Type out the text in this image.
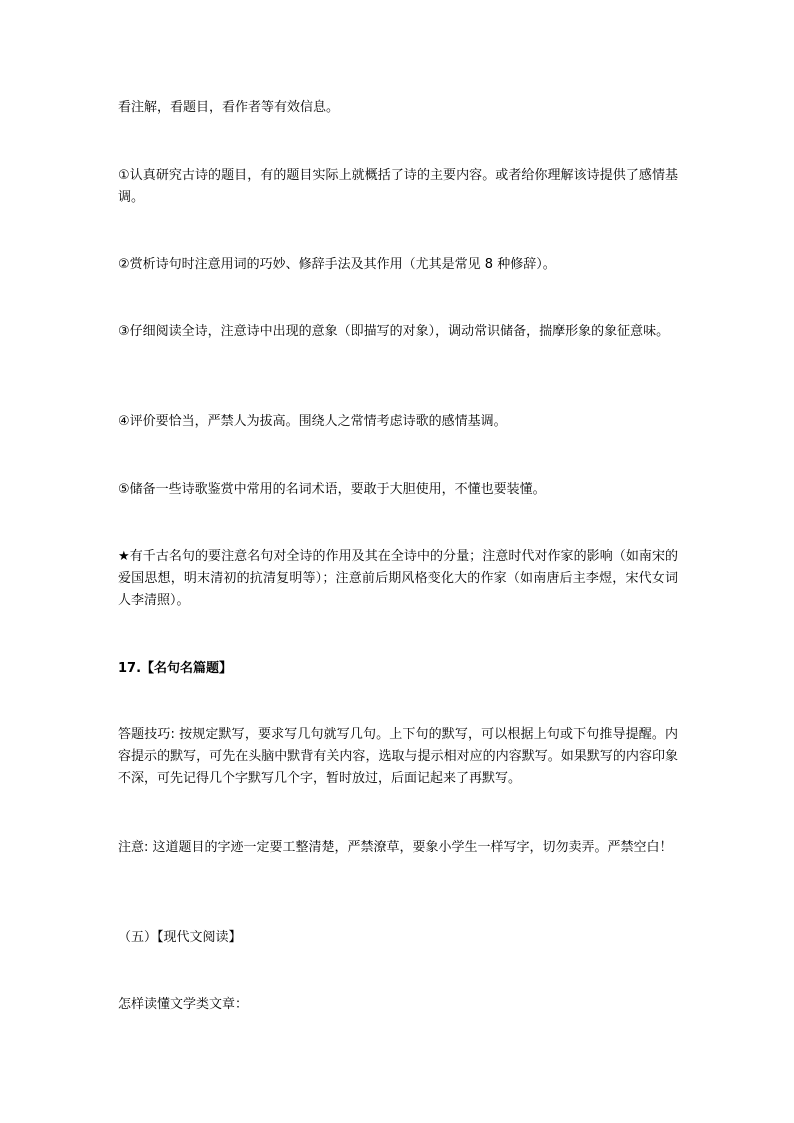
看注解，看题目，看作者等有效信息。
①认真研究古诗的题目，有的题目实际上就概括了诗的主要内容。或者给你理解该诗提供了感情基调。
②赏析诗句时注意用词的巧妙、修辞手法及其作用（尤其是常见 8 种修辞）。
③仔细阅读全诗，注意诗中出现的意象（即描写的对象），调动常识储备，揣摩形象的象征意味。
④评价要恰当，严禁人为拔高。围绕人之常情考虑诗歌的感情基调。
⑤储备一些诗歌鉴赏中常用的名词术语，要敢于大胆使用，不懂也要装懂。
★有千古名句的要注意名句对全诗的作用及其在全诗中的分量；注意时代对作家的影响（如南宋的爱国思想，明末清初的抗清复明等）；注意前后期风格变化大的作家（如南唐后主李煜，宋代女词人李清照）。
17.【名句名篇题】
答题技巧: 按规定默写，要求写几句就写几句。上下句的默写，可以根据上句或下句推导提醒。内容提示的默写，可先在头脑中默背有关内容，选取与提示相对应的内容默写。如果默写的内容印象不深，可先记得几个字默写几个字，暂时放过，后面记起来了再默写。
注意: 这道题目的字迹一定要工整清楚，严禁潦草，要象小学生一样写字，切勿卖弄。严禁空白！
（五）【现代文阅读】
怎样读懂文学类文章：
